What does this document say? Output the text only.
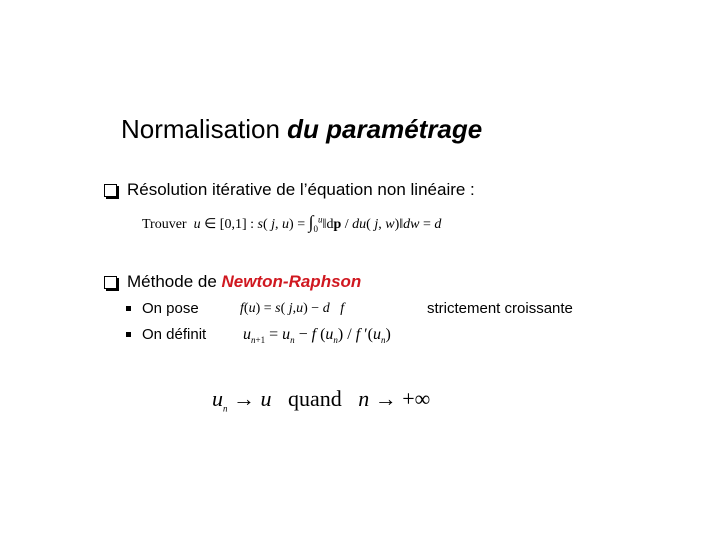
Normalisation du paramétrage
Résolution itérative de l’équation non linéaire :
Trouver u ∈ [0,1] : s( j, $u) = \int_0^u‖dp / du$( j, w)‖dw = d
Méthode de
Newton-Raphson
On pose	f(u) = s( j,u) − d f	strictement croissante
On définit $u_{n+1} = u_n - f$ $(u_n)$ / f $'(u_n)$
$u_n \to u$ quand n → +∞
